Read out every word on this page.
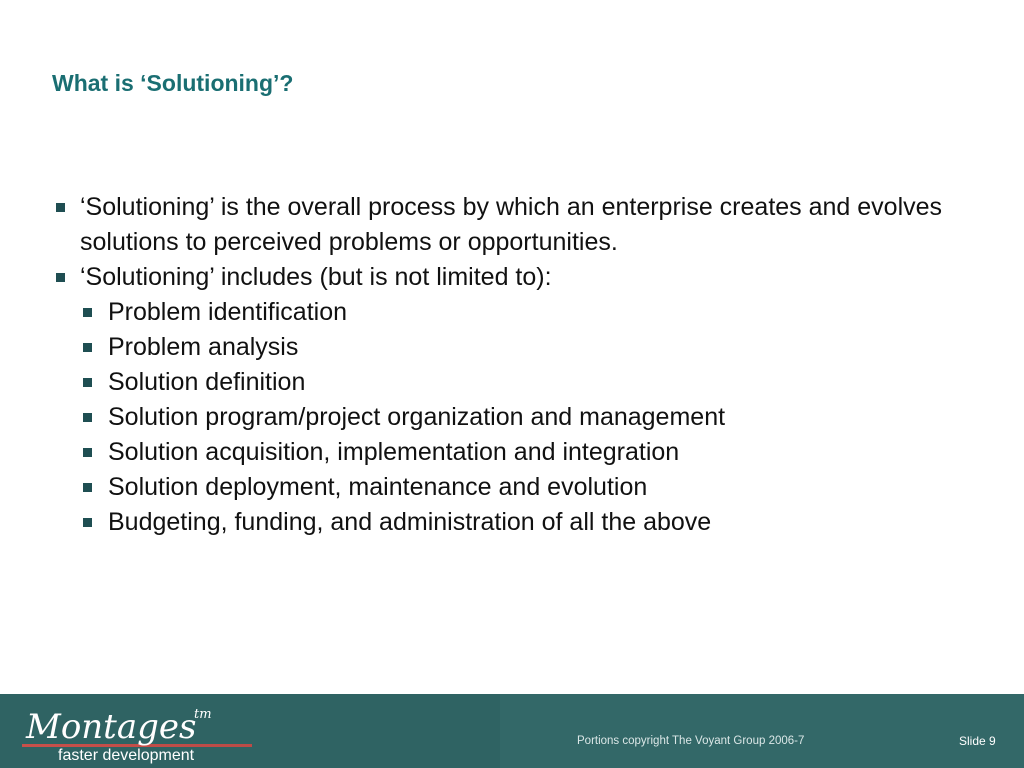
What is ‘Solutioning’?
‘Solutioning’ is the overall process by which an enterprise creates and evolves solutions to perceived problems or opportunities.
‘Solutioning’ includes (but is not limited to):
Problem identification
Problem analysis
Solution definition
Solution program/project organization and management
Solution acquisition, implementation and integration
Solution deployment, maintenance and evolution
Budgeting, funding, and administration of all the above
Montages
tm
faster development
Portions copyright The Voyant Group 2006-7	Slide 9
